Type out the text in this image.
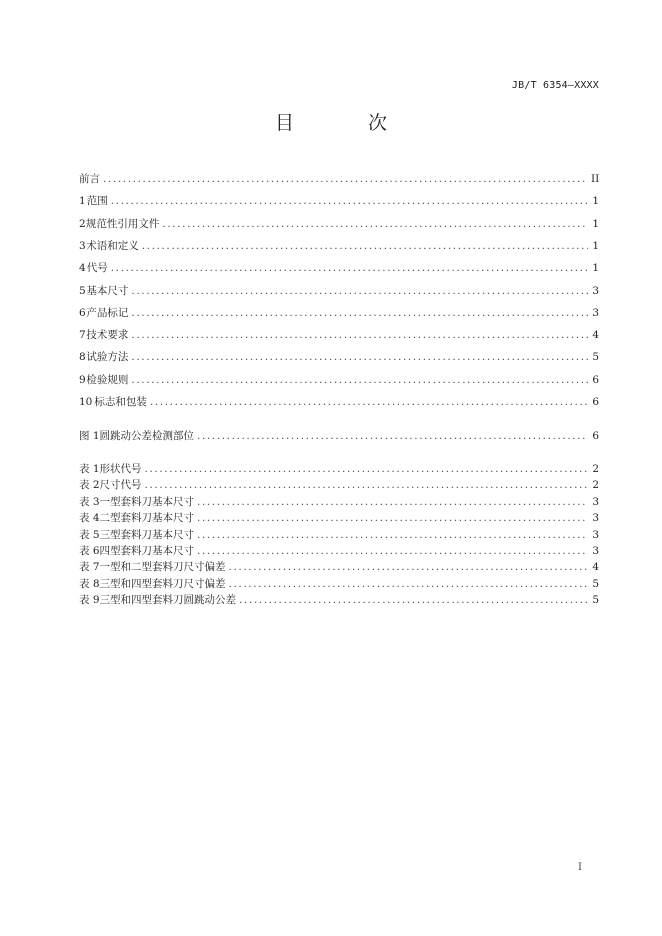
JB/T 6354—XXXX
目 次
前言 .....	II
1 范围 .....	1
2 规范性引用文件 .....	1
3 术语和定义 .....	1
4 代号 .....	1
5 基本尺寸 .....	3
6 产品标记 .....	3
7 技术要求 .....	4
8 试验方法 .....	5
9 检验规则 .....	6
10 标志和包装 .....	6
图 1 圆跳动公差检测部位 .....	6
表 1 形状代号 .....	2
表 2 尺寸代号 .....	2
表 3 一型套料刀基本尺寸 .....	3
表 4 二型套料刀基本尺寸 .....	3
表 5 三型套料刀基本尺寸 .....	3
表 6 四型套料刀基本尺寸 .....	3
表 7 一型和二型套料刀尺寸偏差 .....	4
表 8 三型和四型套料刀尺寸偏差 .....	5
表 9 三型和四型套料刀圆跳动公差 .....	5
I
